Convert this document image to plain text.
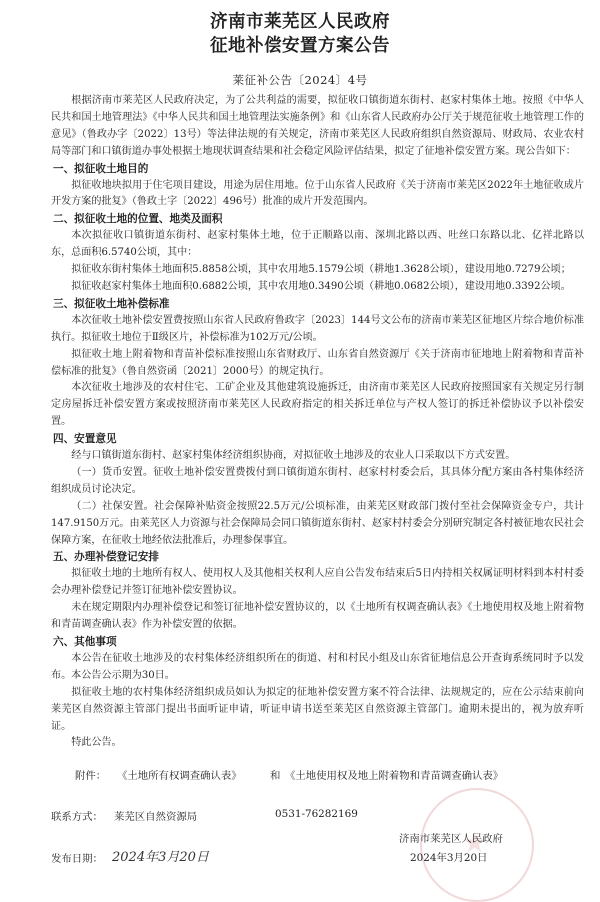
济南市莱芜区人民政府
征地补偿安置方案公告
莱征补公告〔2024〕4号

根据济南市莱芜区人民政府决定，为了公共利益的需要，拟征收口镇街道东街村、赵家村集体土地。按照《中华人民共和国土地管理法》《中华人民共和国土地管理法实施条例》和《山东省人民政府办公厅关于规范征收土地管理工作的意见》（鲁政办字〔2022〕13号）等法律法规的有关规定，济南市莱芜区人民政府组织自然资源局、财政局、农业农村局等部门和口镇街道办事处根据土地现状调查结果和社会稳定风险评估结果，拟定了征地补偿安置方案。现公告如下：

一、拟征收土地目的

拟征收地块拟用于住宅项目建设，用途为居住用地。位于山东省人民政府《关于济南市莱芜区2022年土地征收成片开发方案的批复》（鲁政土字〔2022〕496号）批准的成片开发范围内。

二、拟征收土地的位置、地类及面积

本次拟征收口镇街道东街村、赵家村集体土地，位于正顺路以南、深圳北路以西、吐丝口东路以北、亿祥北路以东，总面积6.5740公顷，其中：

拟征收东街村集体土地面积5.8858公顷，其中农用地5.1579公顷（耕地1.3628公顷），建设用地0.7279公顷；

拟征收赵家村集体土地面积0.6882公顷，其中农用地0.3490公顷（耕地0.0682公顷），建设用地0.3392公顷。

三、拟征收土地补偿标准

本次征收土地补偿安置费按照山东省人民政府鲁政字〔2023〕144号文公布的济南市莱芜区征地区片综合地价标准执行。拟征收土地位于Ⅱ级区片，补偿标准为102万元/公顷。

拟征收土地上附着物和青苗补偿标准按照山东省财政厅、山东省自然资源厅《关于济南市征地地上附着物和青苗补偿标准的批复》（鲁自然资函〔2021〕2000号）的规定执行。

本次征收土地涉及的农村住宅、工矿企业及其他建筑设施拆迁，由济南市莱芜区人民政府按照国家有关规定另行制定房屋拆迁补偿安置方案或按照济南市莱芜区人民政府指定的相关拆迁单位与产权人签订的拆迁补偿协议予以补偿安置。

四、安置意见

经与口镇街道东街村、赵家村集体经济组织协商，对拟征收土地涉及的农业人口采取以下方式安置。

（一）货币安置。征收土地补偿安置费拨付到口镇街道东街村、赵家村村委会后，其具体分配方案由各村集体经济组织成员讨论决定。

（二）社保安置。社会保障补贴资金按照22.5万元/公顷标准，由莱芜区财政部门拨付至社会保障资金专户，共计147.9150万元。由莱芜区人力资源与社会保障局会同口镇街道东街村、赵家村村委会分别研究制定各村被征地农民社会保障方案，在征收土地经依法批准后，办理参保事宜。

五、办理补偿登记安排

拟征收土地的土地所有权人、使用权人及其他相关权利人应自公告发布结束后5日内持相关权属证明材料到本村村委会办理补偿登记并签订征地补偿安置协议。

未在规定期限内办理补偿登记和签订征地补偿安置协议的，以《土地所有权调查确认表》《土地使用权及地上附着物和青苗调查确认表》作为补偿安置的依据。

六、其他事项

本公告在征收土地涉及的农村集体经济组织所在的街道、村和村民小组及山东省征地信息公开查询系统同时予以发布。本公告公示期为30日。

拟征收土地的农村集体经济组织成员如认为拟定的征地补偿安置方案不符合法律、法规规定的，应在公示结束前向莱芜区自然资源主管部门提出书面听证申请，听证申请书送至莱芜区自然资源主管部门。逾期未提出的，视为放弃听证。

特此公告。

附件： 《土地所有权调查确认表》	和 《土地使用权及地上附着物和青苗调查确认表》
联系方式： 莱芜区自然资源局	0531-76282169
★
济南市莱芜区人民政府
2024年3月20日
发布日期： 2024年3月20日
